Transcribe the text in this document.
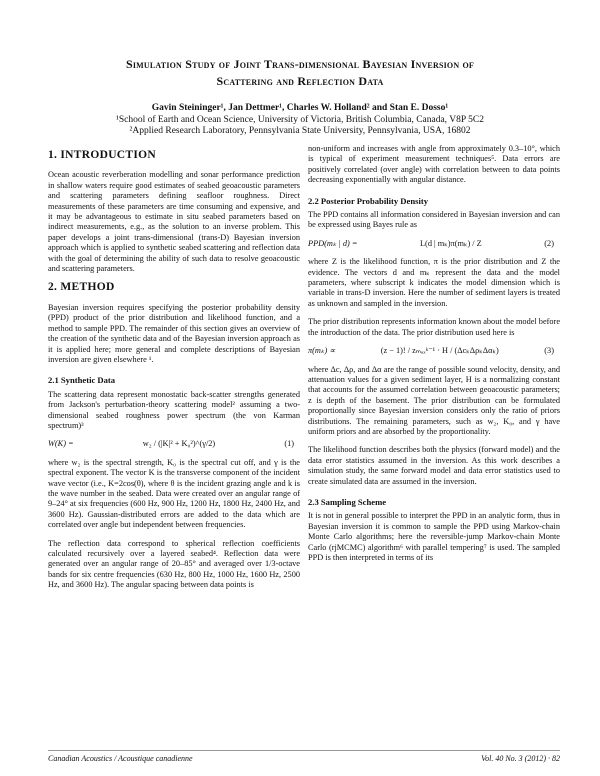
Simulation Study of Joint Trans-dimensional Bayesian Inversion of
Scattering and Reflection Data
Gavin Steininger¹, Jan Dettmer¹, Charles W. Holland² and Stan E. Dosso¹
¹School of Earth and Ocean Science, University of Victoria, British Columbia, Canada, V8P 5C2
²Applied Research Laboratory, Pennsylvania State University, Pennsylvania, USA, 16802
1. INTRODUCTION

Ocean acoustic reverberation modelling and sonar performance prediction in shallow waters require good estimates of seabed geoacoustic parameters and scattering parameters defining seafloor roughness. Direct measurements of these parameters are time consuming and expensive, and it may be advantageous to estimate in situ seabed parameters based on indirect measurements, e.g., as the solution to an inverse problem. This paper develops a joint trans-dimensional (trans-D) Bayesian inversion approach which is applied to synthetic seabed scattering and reflection data with the goal of determining the ability of such data to resolve geoacoustic and scattering parameters.

2. METHOD

Bayesian inversion requires specifying the posterior probability density (PPD) product of the prior distribution and likelihood function, and a method to sample PPD. The remainder of this section gives an overview of the creation of the synthetic data and of the Bayesian inversion approach as it is applied here; more general and complete descriptions of Bayesian inversion are given elsewhere ¹.

2.1 Synthetic Data

The scattering data represent monostatic back-scatter strengths generated from Jackson's perturbation-theory scattering model² assuming a two-dimensional seabed roughness power spectrum (the von Karman spectrum)³

W(K) =	w₂ / (|K|² + K₀²)^(γ/2)	(1)

where w₂ is the spectral strength, K₀ is the spectral cut off, and γ is the spectral exponent. The vector K is the transverse component of the incident wave vector (i.e., K=2cos(θ), where θ is the incident grazing angle and k is the wave number in the seabed. Data were created over an angular range of 9–24° at six frequencies (600 Hz, 900 Hz, 1200 Hz, 1800 Hz, 2400 Hz, and 3600 Hz). Gaussian-distributed errors are added to the data which are correlated over angle but independent between frequencies.

The reflection data correspond to spherical reflection coefficients calculated recursively over a layered seabed⁴. Reflection data were generated over an angular range of 20–85° and averaged over 1/3-octave bands for six centre frequencies (630 Hz, 800 Hz, 1000 Hz, 1600 Hz, 2500 Hz, and 3600 Hz). The angular spacing between data points is

non-uniform and increases with angle from approximately 0.3–10°, which is typical of experiment measurement techniques⁵. Data errors are positively correlated (over angle) with correlation between to data points decreasing exponentially with angular distance.

2.2 Posterior Probability Density

The PPD contains all information considered in Bayesian inversion and can be expressed using Bayes rule as

PPD(mₖ | d) =	L(d | mₖ)π(mₖ) / Z	(2)

where Z is the likelihood function, π is the prior distribution and Z the evidence. The vectors d and mₖ represent the data and the model parameters, where subscript k indicates the model dimension which is variable in trans-D inversion. Here the number of sediment layers is treated as unknown and sampled in the inversion.

The prior distribution represents information known about the model before the introduction of the data. The prior distribution used here is

π(mₖ) ∝	(z − 1)! / zₘₐₓᵏ⁻¹ · H / (ΔcₖΔρₖΔαₖ)	(3)

where Δc, Δρ, and Δα are the range of possible sound velocity, density, and attenuation values for a given sediment layer, H is a normalizing constant that accounts for the assumed correlation between geoacoustic parameters; z is depth of the basement. The prior distribution can be formulated proportionally since Bayesian inversion considers only the ratio of priors distributions. The remaining parameters, such as w₂, K₀, and γ have uniform priors and are absorbed by the proportionality.

The likelihood function describes both the physics (forward model) and the data error statistics assumed in the inversion. As this work describes a simulation study, the same forward model and data error statistics used to create simulated data are assumed in the inversion.

2.3 Sampling Scheme

It is not in general possible to interpret the PPD in an analytic form, thus in Bayesian inversion it is common to sample the PPD using Markov-chain Monte Carlo algorithms; here the reversible-jump Markov-chain Monte Carlo (rjMCMC) algorithm⁶ with parallel tempering⁷ is used. The sampled PPD is then interpreted in terms of its

Canadian Acoustics / Acoustique canadienne	Vol. 40 No. 3 (2012) · 82
